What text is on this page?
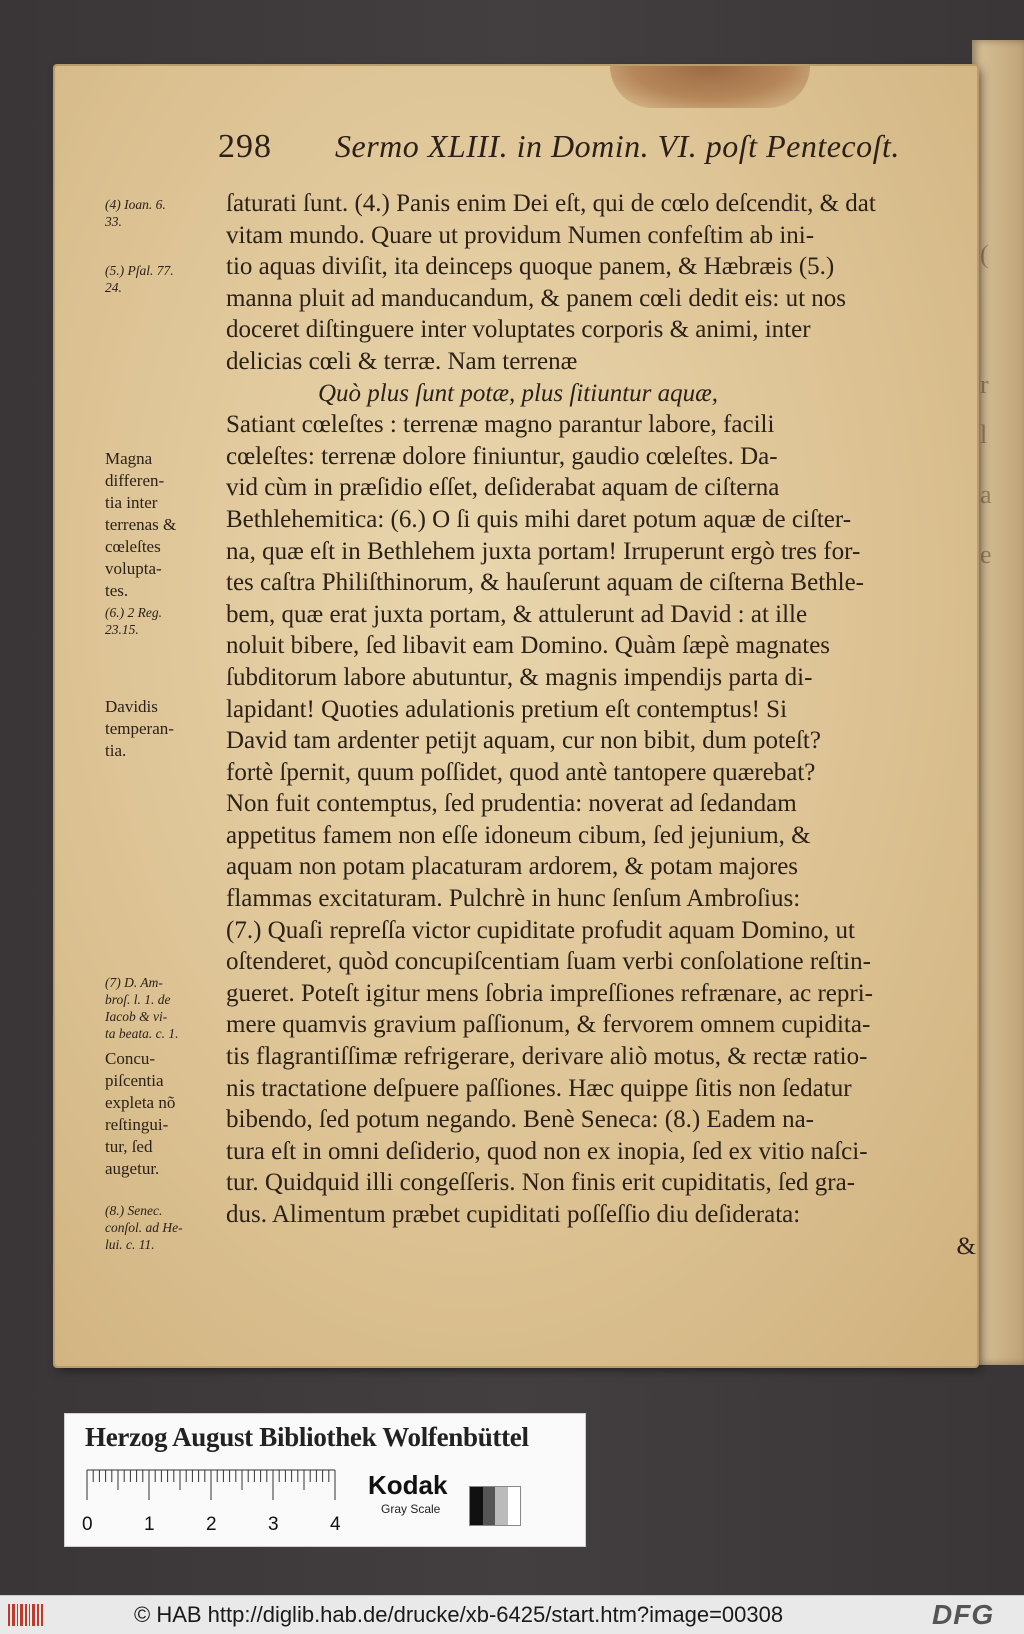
(
r
l
a
e
298 Sermo XLIII. in Domin. VI. poſt Pentecoſt.
ſaturati ſunt. (4.) Panis enim Dei eſt, qui de cœlo deſcendit, & dat
vitam mundo. Quare ut providum Numen confeſtim ab ini-
tio aquas diviſit, ita deinceps quoque panem, & Hæbræis (5.)
manna pluit ad manducandum, & panem cœli dedit eis: ut nos
doceret diſtinguere inter voluptates corporis & animi, inter
delicias cœli & terræ. Nam terrenæ
Quò plus ſunt potæ, plus ſitiuntur aquæ,
Satiant cœleſtes : terrenæ magno parantur labore, facili
cœleſtes: terrenæ dolore finiuntur, gaudio cœleſtes. Da-
vid cùm in præſidio eſſet, deſiderabat aquam de ciſterna
Bethlehemitica: (6.) O ſi quis mihi daret potum aquæ de ciſter-
na, quæ eſt in Bethlehem juxta portam! Irruperunt ergò tres for-
tes caſtra Philiſthinorum, & hauſerunt aquam de ciſterna Bethle-
bem, quæ erat juxta portam, & attulerunt ad David : at ille
noluit bibere, ſed libavit eam Domino. Quàm ſæpè magnates
ſubditorum labore abutuntur, & magnis impendijs parta di-
lapidant! Quoties adulationis pretium eſt contemptus! Si
David tam ardenter petijt aquam, cur non bibit, dum poteſt?
fortè ſpernit, quum poſſidet, quod antè tantopere quærebat?
Non fuit contemptus, ſed prudentia: noverat ad ſedandam
appetitus famem non eſſe idoneum cibum, ſed jejunium, &
aquam non potam placaturam ardorem, & potam majores
flammas excitaturam. Pulchrè in hunc ſenſum Ambroſius:
(7.) Quaſi repreſſa victor cupiditate profudit aquam Domino, ut
oſtenderet, quòd concupiſcentiam ſuam verbi conſolatione reſtin-
gueret. Poteſt igitur mens ſobria impreſſiones refrænare, ac repri-
mere quamvis gravium paſſionum, & fervorem omnem cupidita-
tis flagrantiſſimæ refrigerare, derivare aliò motus, & rectæ ratio-
nis tractatione deſpuere paſſiones. Hæc quippe ſitis non ſedatur
bibendo, ſed potum negando. Benè Seneca: (8.) Eadem na-
tura eſt in omni deſiderio, quod non ex inopia, ſed ex vitio naſci-
tur. Quidquid illi congeſſeris. Non finis erit cupiditatis, ſed gra-
dus. Alimentum præbet cupiditati poſſeſſio diu deſiderata:
&
(4) Ioan. 6.
33.
(5.) Pſal. 77.
24.
Magna
differen-
tia inter
terrenas &
cœleſtes
volupta-
tes.
(6.) 2 Reg.
23.15.
Davidis
temperan-
tia.
(7) D. Am-
broſ. l. 1. de
Iacob & vi-
ta beata. c. 1.
Concu-
piſcentia
expleta nõ
reſtingui-
tur, ſed
augetur.
(8.) Senec.
conſol. ad He-
lui. c. 11.
Herzog August Bibliothek Wolfenbüttel
0	1	2	3	4
Kodak
Gray Scale
© HAB http://diglib.hab.de/drucke/xb-6425/start.htm?image=00308	DFG
